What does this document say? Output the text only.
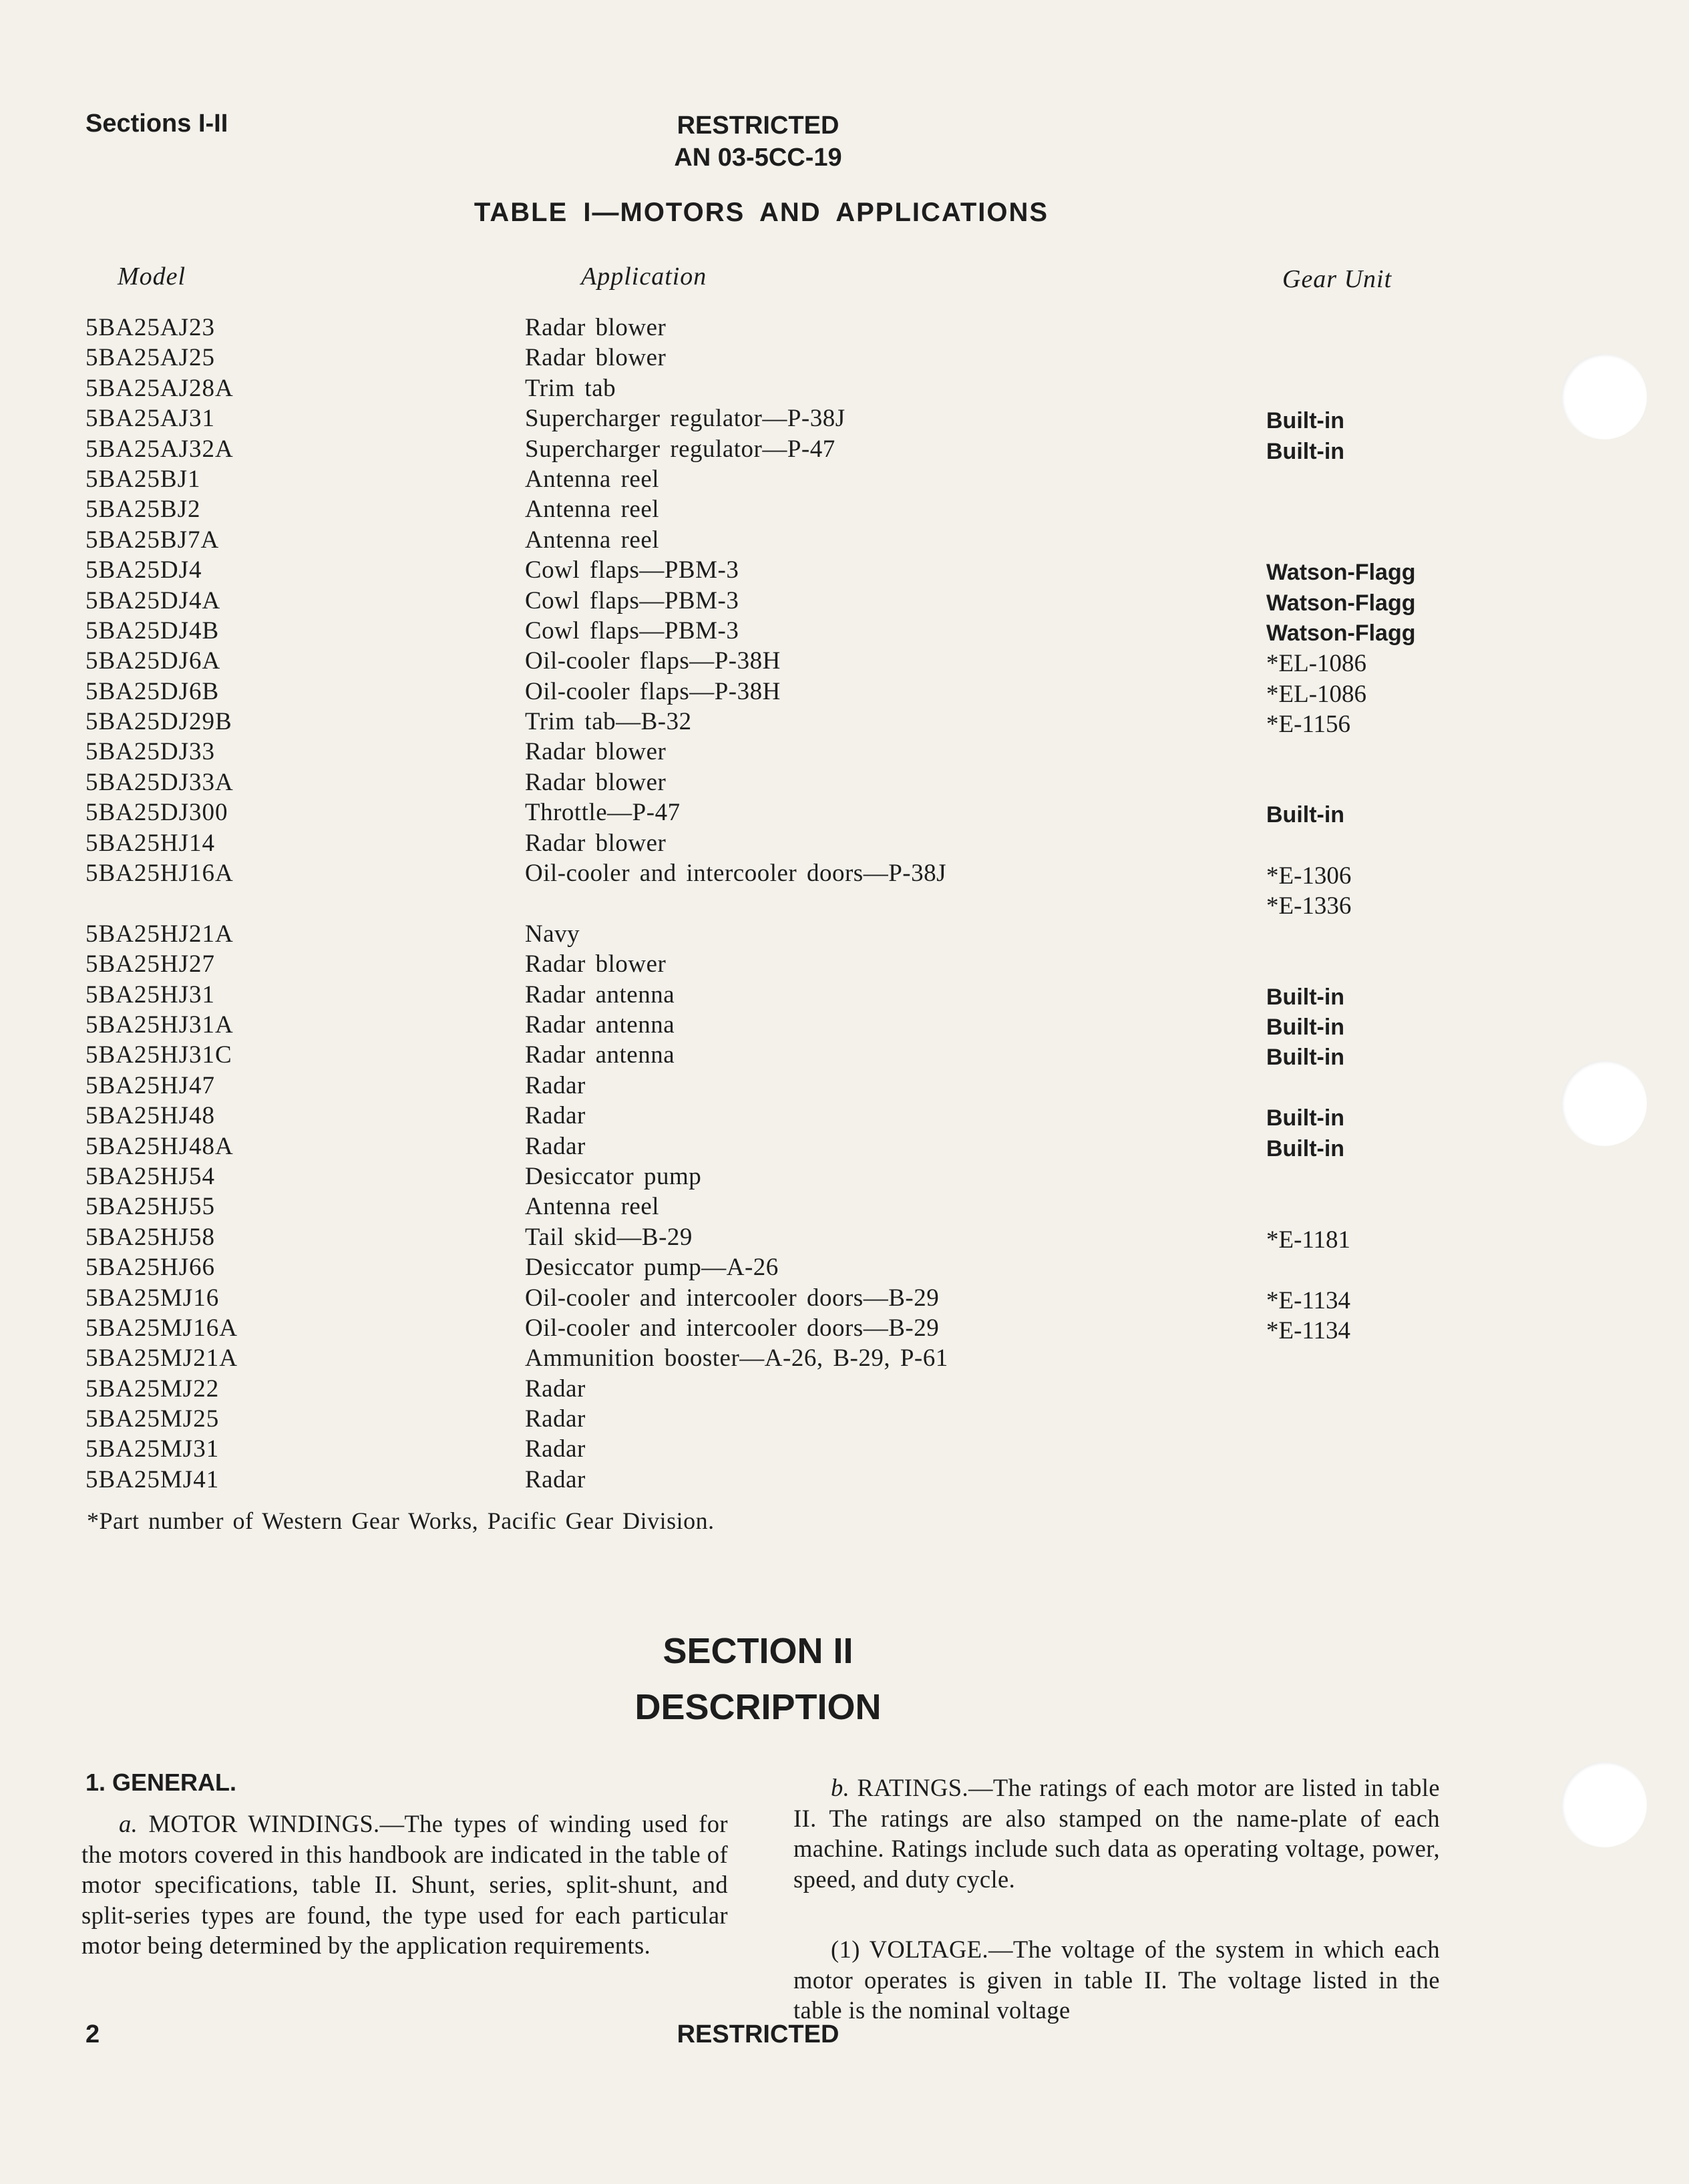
Sections I-II	RESTRICTED
AN 03-5CC-19
TABLE I—MOTORS AND APPLICATIONS
Model	Application	Gear Unit
5BA25AJ23	Radar blower
5BA25AJ25	Radar blower
5BA25AJ28A	Trim tab
5BA25AJ31	Supercharger regulator—P-38J	Built-in
5BA25AJ32A	Supercharger regulator—P-47	Built-in
5BA25BJ1	Antenna reel
5BA25BJ2	Antenna reel
5BA25BJ7A	Antenna reel
5BA25DJ4	Cowl flaps—PBM-3	Watson-Flagg
5BA25DJ4A	Cowl flaps—PBM-3	Watson-Flagg
5BA25DJ4B	Cowl flaps—PBM-3	Watson-Flagg
5BA25DJ6A	Oil-cooler flaps—P-38H	*EL-1086
5BA25DJ6B	Oil-cooler flaps—P-38H	*EL-1086
5BA25DJ29B	Trim tab—B-32	*E-1156
5BA25DJ33	Radar blower
5BA25DJ33A	Radar blower
5BA25DJ300	Throttle—P-47	Built-in
5BA25HJ14	Radar blower
5BA25HJ16A	Oil-cooler and intercooler doors—P-38J	*E-1306
*E-1336
5BA25HJ21A	Navy
5BA25HJ27	Radar blower
5BA25HJ31	Radar antenna	Built-in
5BA25HJ31A	Radar antenna	Built-in
5BA25HJ31C	Radar antenna	Built-in
5BA25HJ47	Radar
5BA25HJ48	Radar	Built-in
5BA25HJ48A	Radar	Built-in
5BA25HJ54	Desiccator pump
5BA25HJ55	Antenna reel
5BA25HJ58	Tail skid—B-29	*E-1181
5BA25HJ66	Desiccator pump—A-26
5BA25MJ16	Oil-cooler and intercooler doors—B-29	*E-1134
5BA25MJ16A	Oil-cooler and intercooler doors—B-29	*E-1134
5BA25MJ21A	Ammunition booster—A-26, B-29, P-61
5BA25MJ22	Radar
5BA25MJ25	Radar
5BA25MJ31	Radar
5BA25MJ41	Radar
*Part number of Western Gear Works, Pacific Gear Division.
SECTION II
DESCRIPTION
1. GENERAL.
a. MOTOR WINDINGS.—The types of winding used for the motors covered in this handbook are indicated in the table of motor specifications, table II. Shunt, series, split-shunt, and split-series types are found, the type used for each particular motor being determined by the application requirements.
b. RATINGS.—The ratings of each motor are listed in table II. The ratings are also stamped on the name-plate of each machine. Ratings include such data as operating voltage, power, speed, and duty cycle.
(1) VOLTAGE.—The voltage of the system in which each motor operates is given in table II. The voltage listed in the table is the nominal voltage
2	RESTRICTED
